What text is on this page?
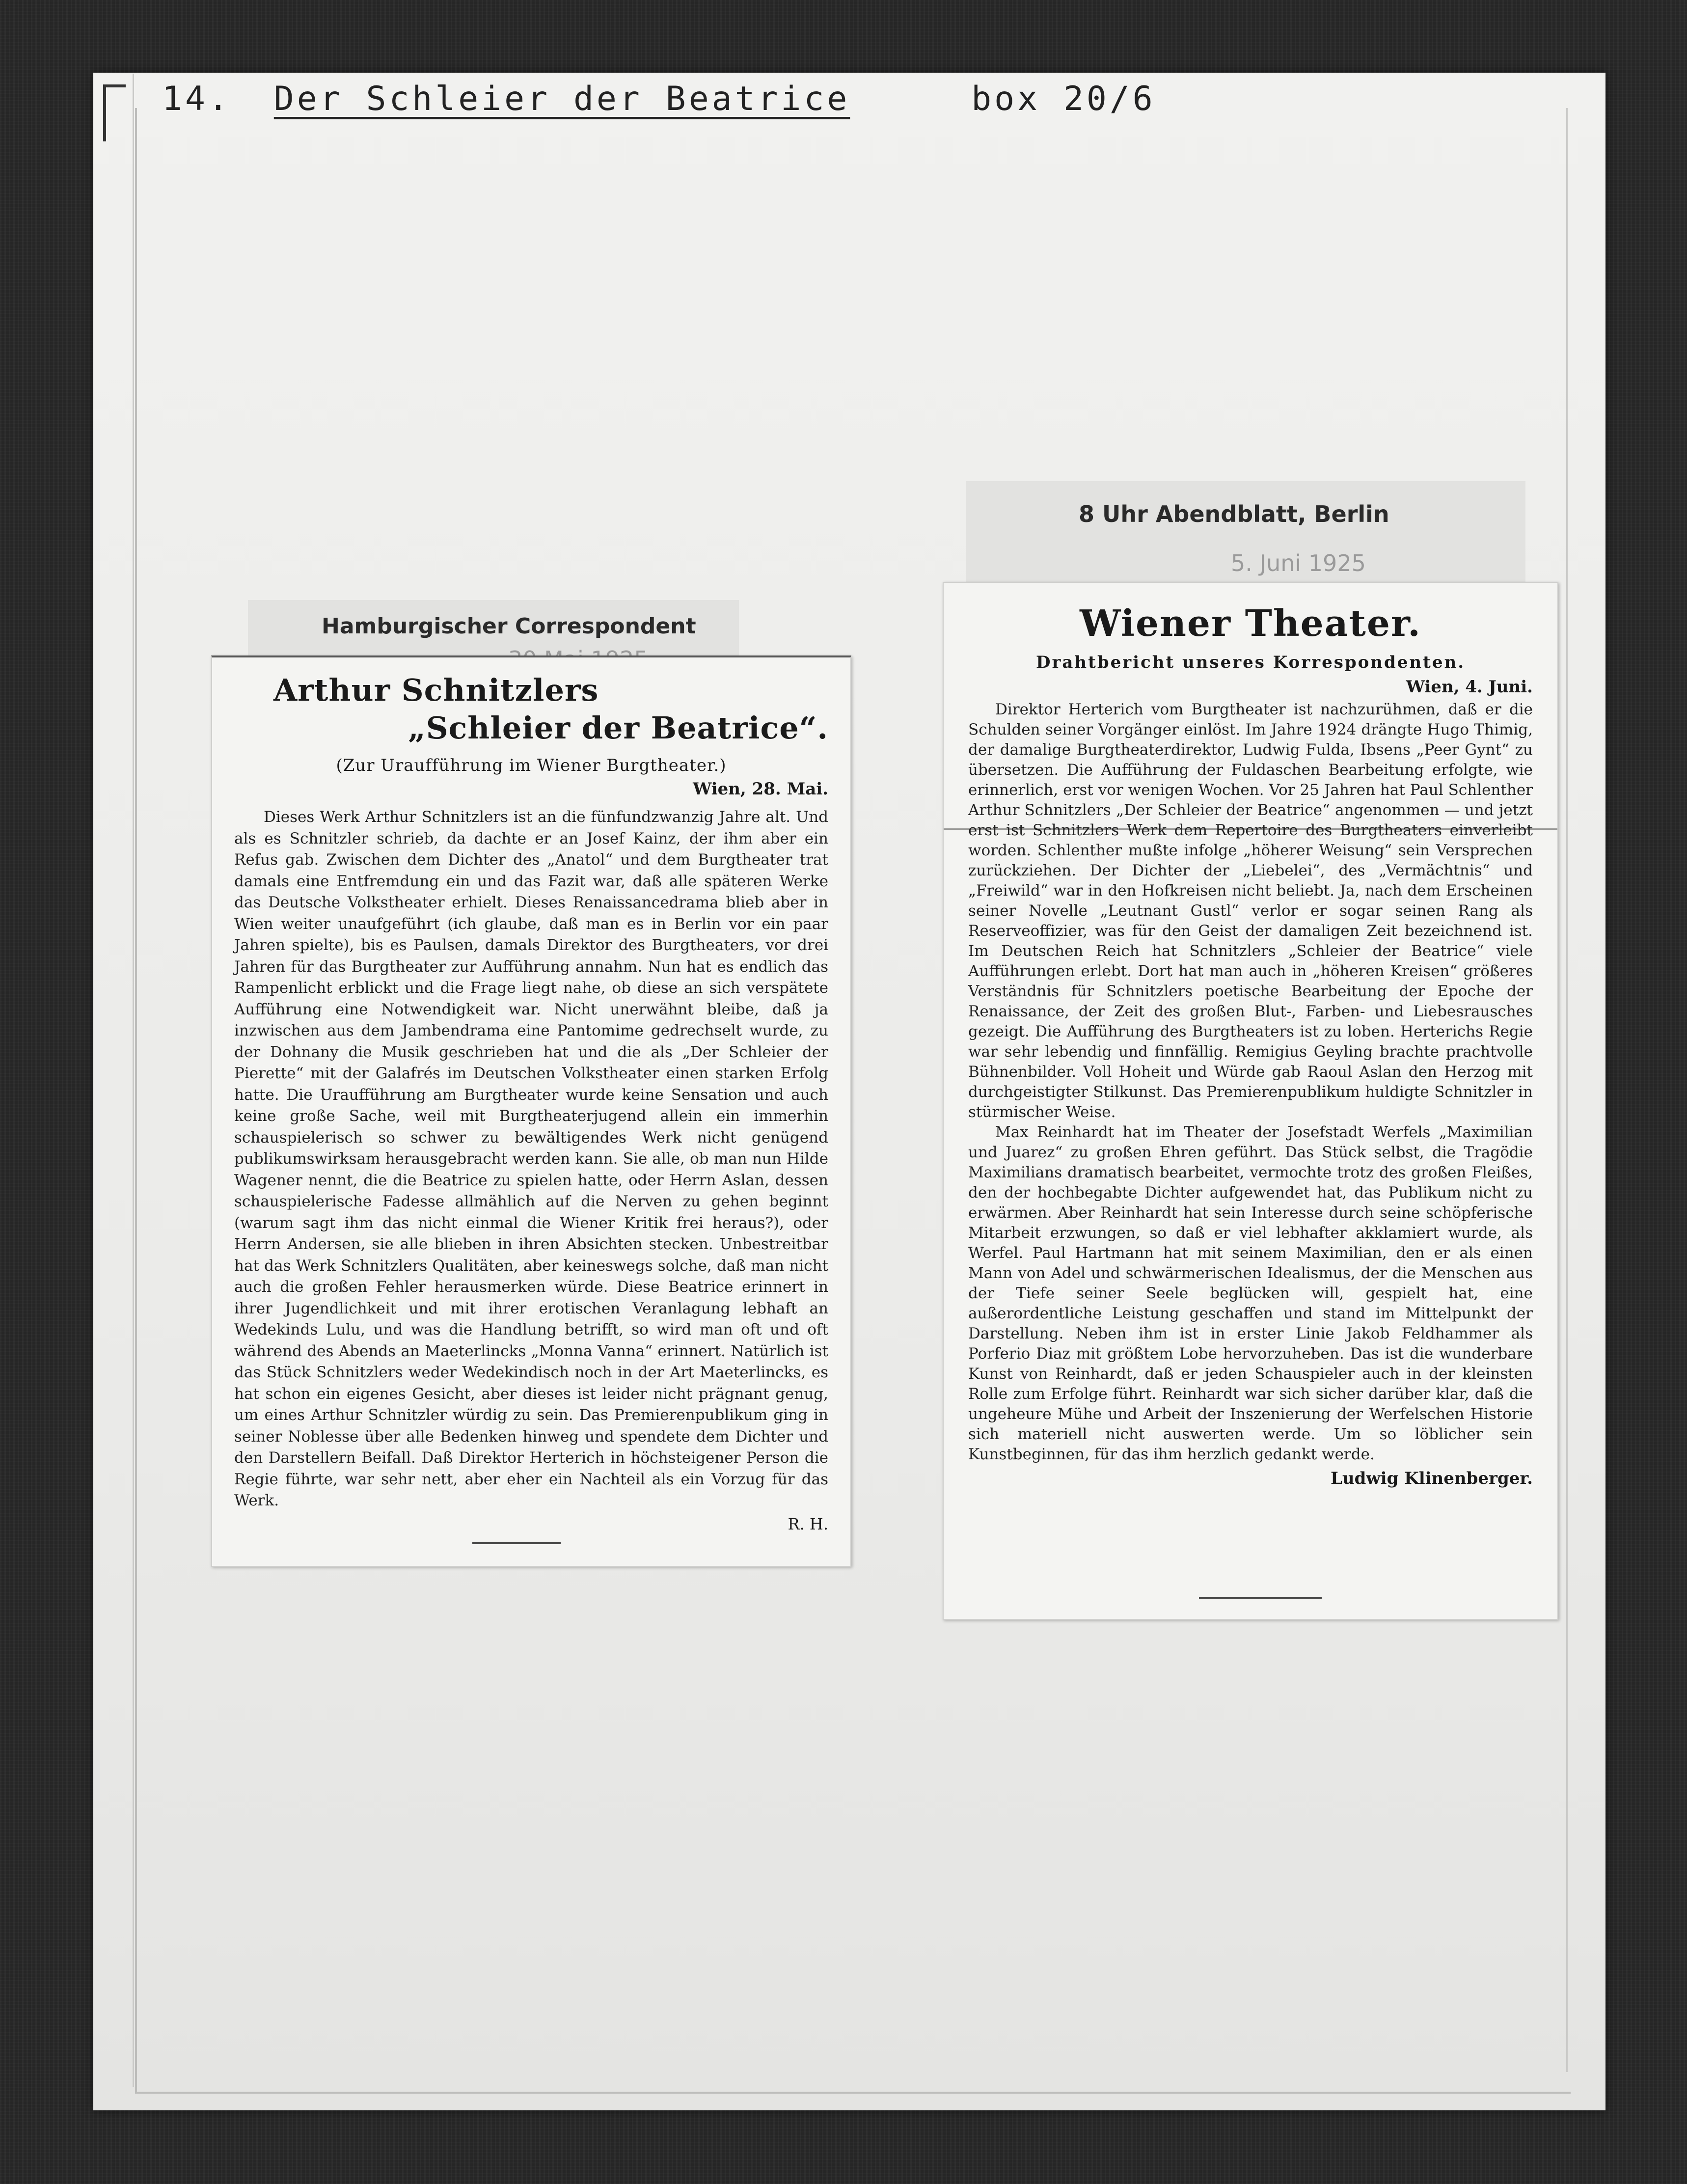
14. Der Schleier der Beatrice	box 20/6
Hamburgischer Correspondent
Arthur Schnitzlers
„Schleier der Beatrice“.
(Zur Uraufführung im Wiener Burgtheater.)
Wien, 28. Mai.
Dieses Werk Arthur Schnitzlers ist an die fünfundzwanzig Jahre alt. Und als es Schnitzler schrieb, da dachte er an Josef Kainz, der ihm aber ein Refus gab. Zwischen dem Dichter des „Anatol“ und dem Burgtheater trat damals eine Entfremdung ein und das Fazit war, daß alle späteren Werke das Deutsche Volkstheater erhielt. Dieses Renaissancedrama blieb aber in Wien weiter unaufgeführt (ich glaube, daß man es in Berlin vor ein paar Jahren spielte), bis es Paulsen, damals Direktor des Burgtheaters, vor drei Jahren für das Burgtheater zur Aufführung annahm. Nun hat es endlich das Rampenlicht erblickt und die Frage liegt nahe, ob diese an sich verspätete Aufführung eine Notwendigkeit war. Nicht unerwähnt bleibe, daß ja inzwischen aus dem Jambendrama eine Pantomime gedrechselt wurde, zu der Dohnany die Musik geschrieben hat und die als „Der Schleier der Pierette“ mit der Galafrés im Deutschen Volkstheater einen starken Erfolg hatte. Die Uraufführung am Burgtheater wurde keine Sensation und auch keine große Sache, weil mit Burgtheaterjugend allein ein immerhin schauspielerisch so schwer zu bewältigendes Werk nicht genügend publikumswirksam herausgebracht werden kann. Sie alle, ob man nun Hilde Wagener nennt, die die Beatrice zu spielen hatte, oder Herrn Aslan, dessen schauspielerische Fadesse allmählich auf die Nerven zu gehen beginnt (warum sagt ihm das nicht einmal die Wiener Kritik frei heraus?), oder Herrn Andersen, sie alle blieben in ihren Absichten stecken. Unbestreitbar hat das Werk Schnitzlers Qualitäten, aber keineswegs solche, daß man nicht auch die großen Fehler herausmerken würde. Diese Beatrice erinnert in ihrer Jugendlichkeit und mit ihrer erotischen Veranlagung lebhaft an Wedekinds Lulu, und was die Handlung betrifft, so wird man oft und oft während des Abends an Maeterlincks „Monna Vanna“ erinnert. Natürlich ist das Stück Schnitzlers weder Wedekindisch noch in der Art Maeterlincks, es hat schon ein eigenes Gesicht, aber dieses ist leider nicht prägnant genug, um eines Arthur Schnitzler würdig zu sein. Das Premierenpublikum ging in seiner Noblesse über alle Bedenken hinweg und spendete dem Dichter und den Darstellern Beifall. Daß Direktor Herterich in höchsteigener Person die Regie führte, war sehr nett, aber eher ein Nachteil als ein Vorzug für das Werk.
R. H.
8 Uhr Abendblatt, Berlin
5. Juni 1925
Wiener Theater.
Drahtbericht unseres Korrespondenten.
Wien, 4. Juni.

Direktor Herterich vom Burgtheater ist nachzurühmen, daß er die Schulden seiner Vorgänger einlöst. Im Jahre 1924 drängte Hugo Thimig, der damalige Burgtheaterdirektor, Ludwig Fulda, Ibsens „Peer Gynt“ zu übersetzen. Die Aufführung der Fuldaschen Bearbeitung erfolgte, wie erinnerlich, erst vor wenigen Wochen. Vor 25 Jahren hat Paul Schlenther Arthur Schnitzlers „Der Schleier der Beatrice“ angenommen — und jetzt erst ist Schnitzlers Werk dem Repertoire des Burgtheaters einverleibt worden. Schlenther mußte infolge „höherer Weisung“ sein Versprechen zurückziehen. Der Dichter der „Liebelei“, des „Vermächtnis“ und „Freiwild“ war in den Hofkreisen nicht beliebt. Ja, nach dem Erscheinen seiner Novelle „Leutnant Gustl“ verlor er sogar seinen Rang als Reserveoffizier, was für den Geist der damaligen Zeit bezeichnend ist. Im Deutschen Reich hat Schnitzlers „Schleier der Beatrice“ viele Aufführungen erlebt. Dort hat man auch in „höheren Kreisen“ größeres Verständnis für Schnitzlers poetische Bearbeitung der Epoche der Renaissance, der Zeit des großen Blut-, Farben- und Liebesrausches gezeigt. Die Aufführung des Burgtheaters ist zu loben. Herterichs Regie war sehr lebendig und finnfällig. Remigius Geyling brachte prachtvolle Bühnenbilder. Voll Hoheit und Würde gab Raoul Aslan den Herzog mit durchgeistigter Stilkunst. Das Premierenpublikum huldigte Schnitzler in stürmischer Weise.

Max Reinhardt hat im Theater der Josefstadt Werfels „Maximilian und Juarez“ zu großen Ehren geführt. Das Stück selbst, die Tragödie Maximilians dramatisch bearbeitet, vermochte trotz des großen Fleißes, den der hochbegabte Dichter aufgewendet hat, das Publikum nicht zu erwärmen. Aber Reinhardt hat sein Interesse durch seine schöpferische Mitarbeit erzwungen, so daß er viel lebhafter akklamiert wurde, als Werfel. Paul Hartmann hat mit seinem Maximilian, den er als einen Mann von Adel und schwärmerischen Idealismus, der die Menschen aus der Tiefe seiner Seele beglücken will, gespielt hat, eine außerordentliche Leistung geschaffen und stand im Mittelpunkt der Darstellung. Neben ihm ist in erster Linie Jakob Feldhammer als Porferio Diaz mit größtem Lobe hervorzuheben. Das ist die wunderbare Kunst von Reinhardt, daß er jeden Schauspieler auch in der kleinsten Rolle zum Erfolge führt. Reinhardt war sich sicher darüber klar, daß die ungeheure Mühe und Arbeit der Inszenierung der Werfelschen Historie sich materiell nicht auswerten werde. Um so löblicher sein Kunstbeginnen, für das ihm herzlich gedankt werde.

Ludwig Klinenberger.
